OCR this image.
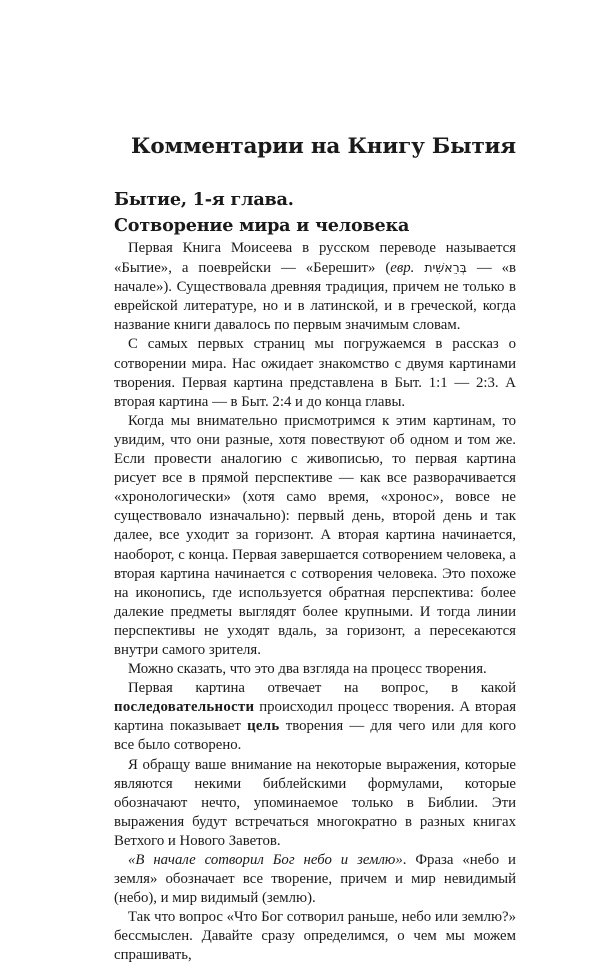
Комментарии на Книгу Бытия
Бытие, 1-я глава.
Сотворение мира и человека

Первая Книга Моисеева в русском переводе называется «Бытие», а поеврейски — «Берешит» (евр. בְּרֵאשִׁית — «в начале»). Существовала древняя традиция, причем не только в еврейской литературе, но и в латинской, и в греческой, когда название книги давалось по первым значимым словам.

С самых первых страниц мы погружаемся в рассказ о сотворении мира. Нас ожидает знакомство с двумя картинами творения. Первая картина представлена в Быт. 1:1 — 2:3. А вторая картина — в Быт. 2:4 и до конца главы.

Когда мы внимательно присмотримся к этим картинам, то увидим, что они разные, хотя повествуют об одном и том же. Если провести аналогию с живописью, то первая картина рисует все в прямой перспективе — как все разворачивается «хронологически» (хотя само время, «хронос», вовсе не существовало изначально): первый день, второй день и так далее, все уходит за горизонт. А вторая картина начинается, наоборот, с конца. Первая завершается сотворением человека, а вторая картина начинается с сотворения человека. Это похоже на иконопись, где используется обратная перспектива: более далекие предметы выглядят более крупными. И тогда линии перспективы не уходят вдаль, за горизонт, а пересекаются внутри самого зрителя.

Можно сказать, что это два взгляда на процесс творения.

Первая картина отвечает на вопрос, в какой последовательности происходил процесс творения. А вторая картина показывает цель творения — для чего или для кого все было сотворено.

Я обращу ваше внимание на некоторые выражения, которые являются некими библейскими формулами, которые обозначают нечто, упоминаемое только в Библии. Эти выражения будут встречаться многократно в разных книгах Ветхого и Нового Заветов.

«В начале сотворил Бог небо и землю». Фраза «небо и земля» обозначает все творение, причем и мир невидимый (небо), и мир видимый (землю).

Так что вопрос «Что Бог сотворил раньше, небо или землю?» бессмыслен. Давайте сразу определимся, о чем мы можем спрашивать,
